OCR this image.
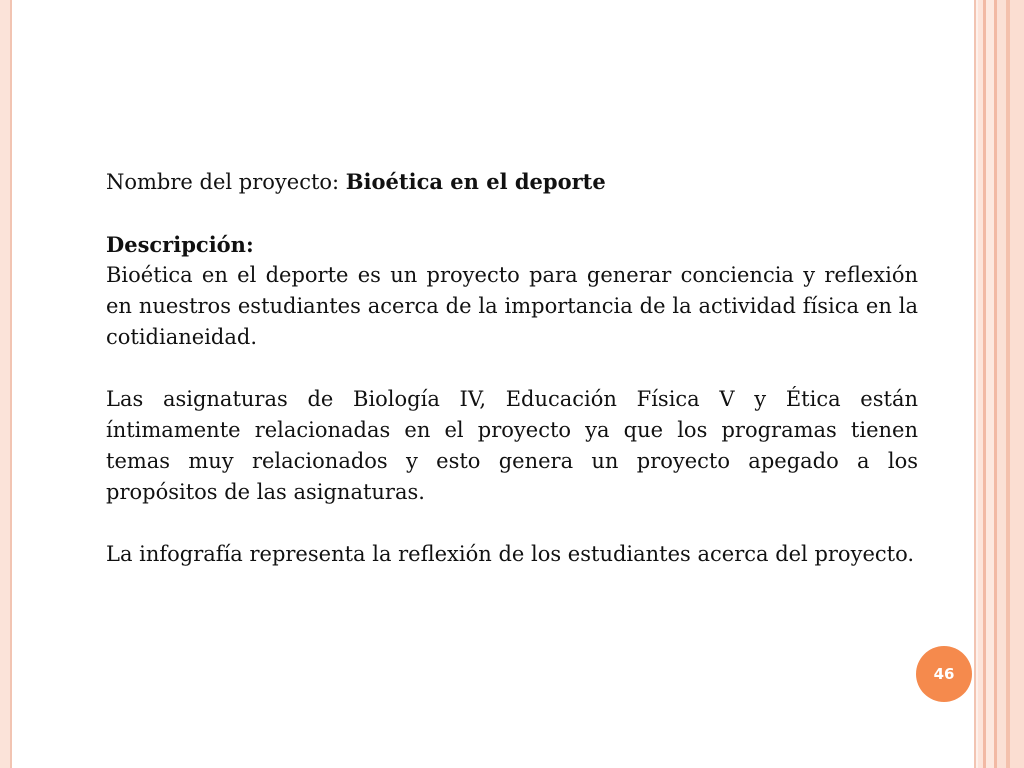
Nombre del proyecto: Bioética en el deporte

Descripción:

Bioética en el deporte es un proyecto para generar conciencia y reflexión en nuestros estudiantes acerca de la importancia de la actividad física en la cotidianeidad.

Las asignaturas de Biología IV, Educación Física V y Ética están íntimamente relacionadas en el proyecto ya que los programas tienen temas muy relacionados y esto genera un proyecto apegado a los propósitos de las asignaturas.

La infografía representa la reflexión de los estudiantes acerca del proyecto.

46
